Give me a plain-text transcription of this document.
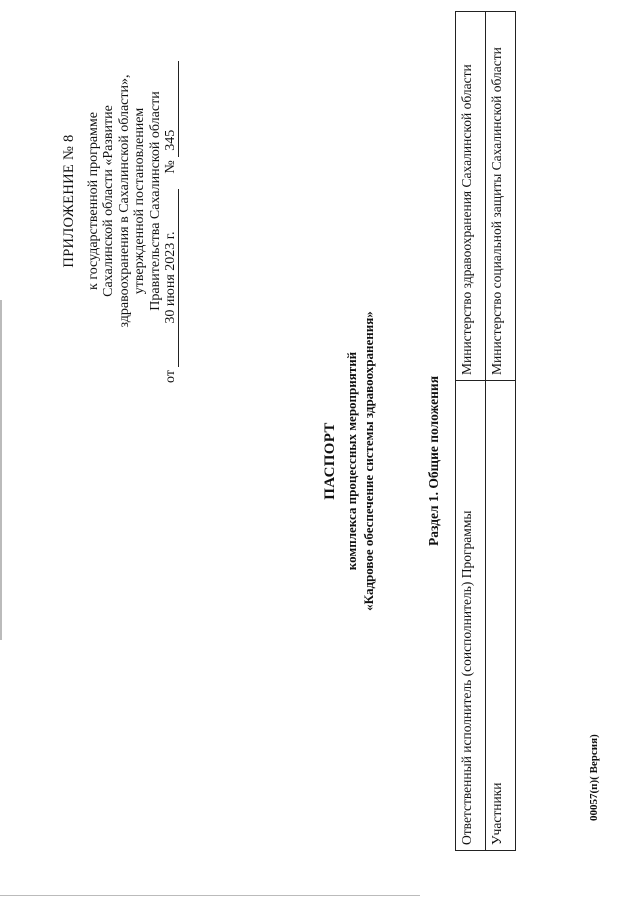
ПРИЛОЖЕНИЕ № 8 к государственной программе Сахалинской области «Развитие здравоохранения в Сахалинской области», утвержденной постановлением Правительства Сахалинской области
от 30 июня 2023 г.  № 345
ПАСПОРТ комплекса процессных мероприятий «Кадровое обеспечение системы здравоохранения»	Раздел 1. Общие положения
Ответственный исполнитель (соисполнитель) Программы	Министерство здравоохранения Сахалинской области
Участники	Министерство социальной защиты Сахалинской области
00057(п)( Версия)
